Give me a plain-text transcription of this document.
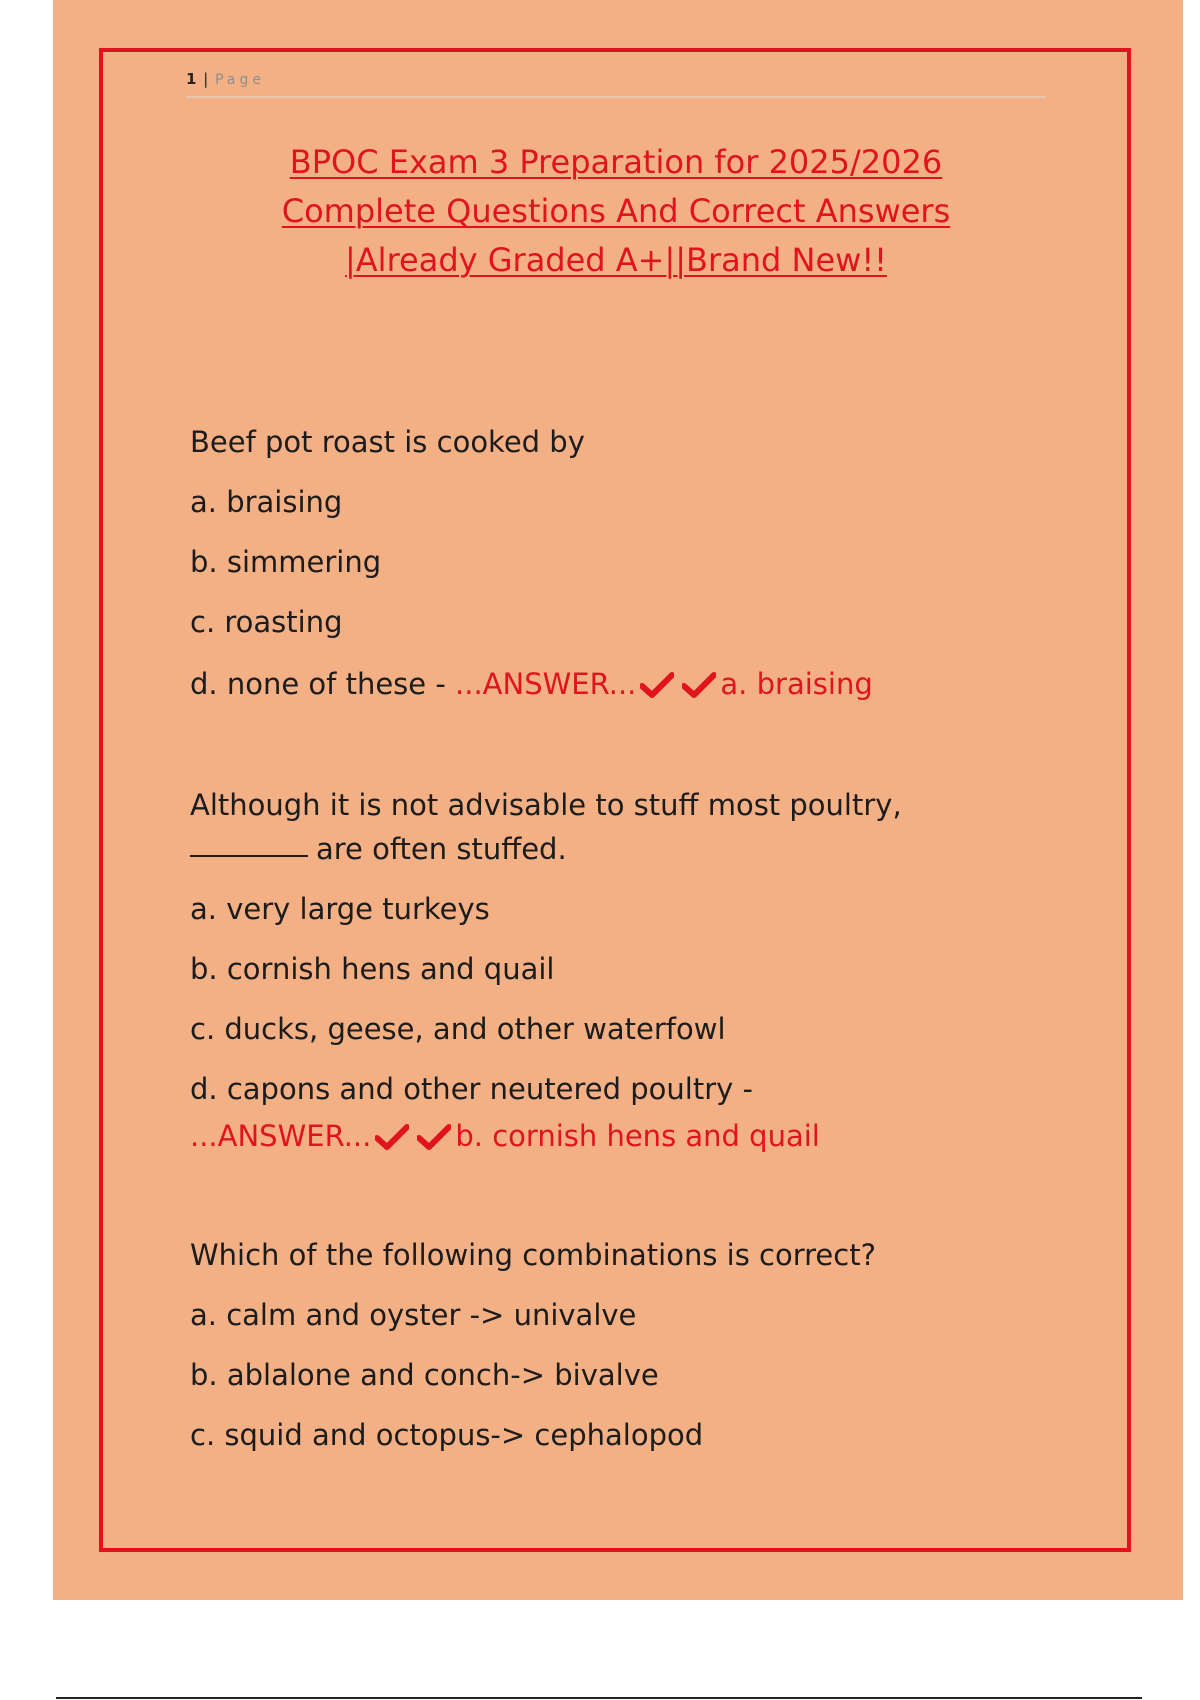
1 | Page
BPOC Exam 3 Preparation for 2025/2026
Complete Questions And Correct Answers
|Already Graded A+||Brand New!!
Beef pot roast is cooked by
a. braising
b. simmering
c. roasting
d. none of these - ...ANSWER...	a. braising
Although it is not advisable to stuff most poultry,
are often stuffed.
a. very large turkeys
b. cornish hens and quail
c. ducks, geese, and other waterfowl
d. capons and other neutered poultry -
...ANSWER...	b. cornish hens and quail
Which of the following combinations is correct?
a. calm and oyster -> univalve
b. ablalone and conch-> bivalve
c. squid and octopus-> cephalopod
